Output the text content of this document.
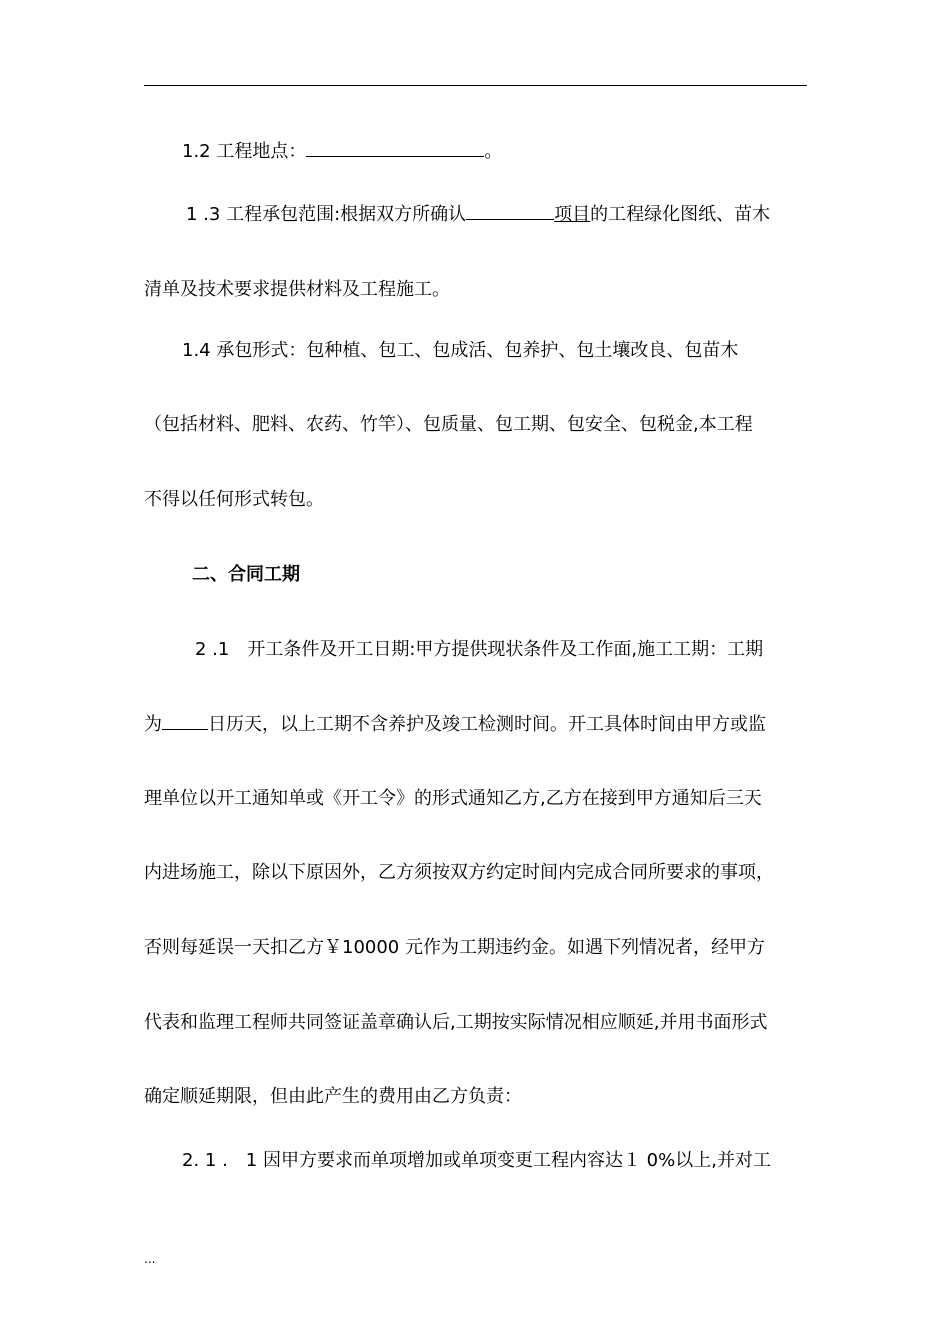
1.2 工程地点：	。
1 .3 工程承包范围:根据双方所确认	项目的工程绿化图纸、苗木
清单及技术要求提供材料及工程施工。
1.4 承包形式：包种植、包工、包成活、包养护、包土壤改良、包苗木
（包括材料、肥料、农药、竹竿）、包质量、包工期、包安全、包税金,本工程
不得以任何形式转包。
二、合同工期
2 .1　开工条件及开工日期:甲方提供现状条件及工作面,施工工期：工期
为	日历天，以上工期不含养护及竣工检测时间。开工具体时间由甲方或监
理单位以开工通知单或《开工令》的形式通知乙方,乙方在接到甲方通知后三天
内进场施工，除以下原因外，乙方须按双方约定时间内完成合同所要求的事项，
否则每延误一天扣乙方￥10000 元作为工期违约金。如遇下列情况者，经甲方
代表和监理工程师共同签证盖章确认后,工期按实际情况相应顺延,并用书面形式
确定顺延期限，但由此产生的费用由乙方负责：
2. 1 .　1 因甲方要求而单项增加或单项变更工程内容达１ 0%以上,并对工
...
